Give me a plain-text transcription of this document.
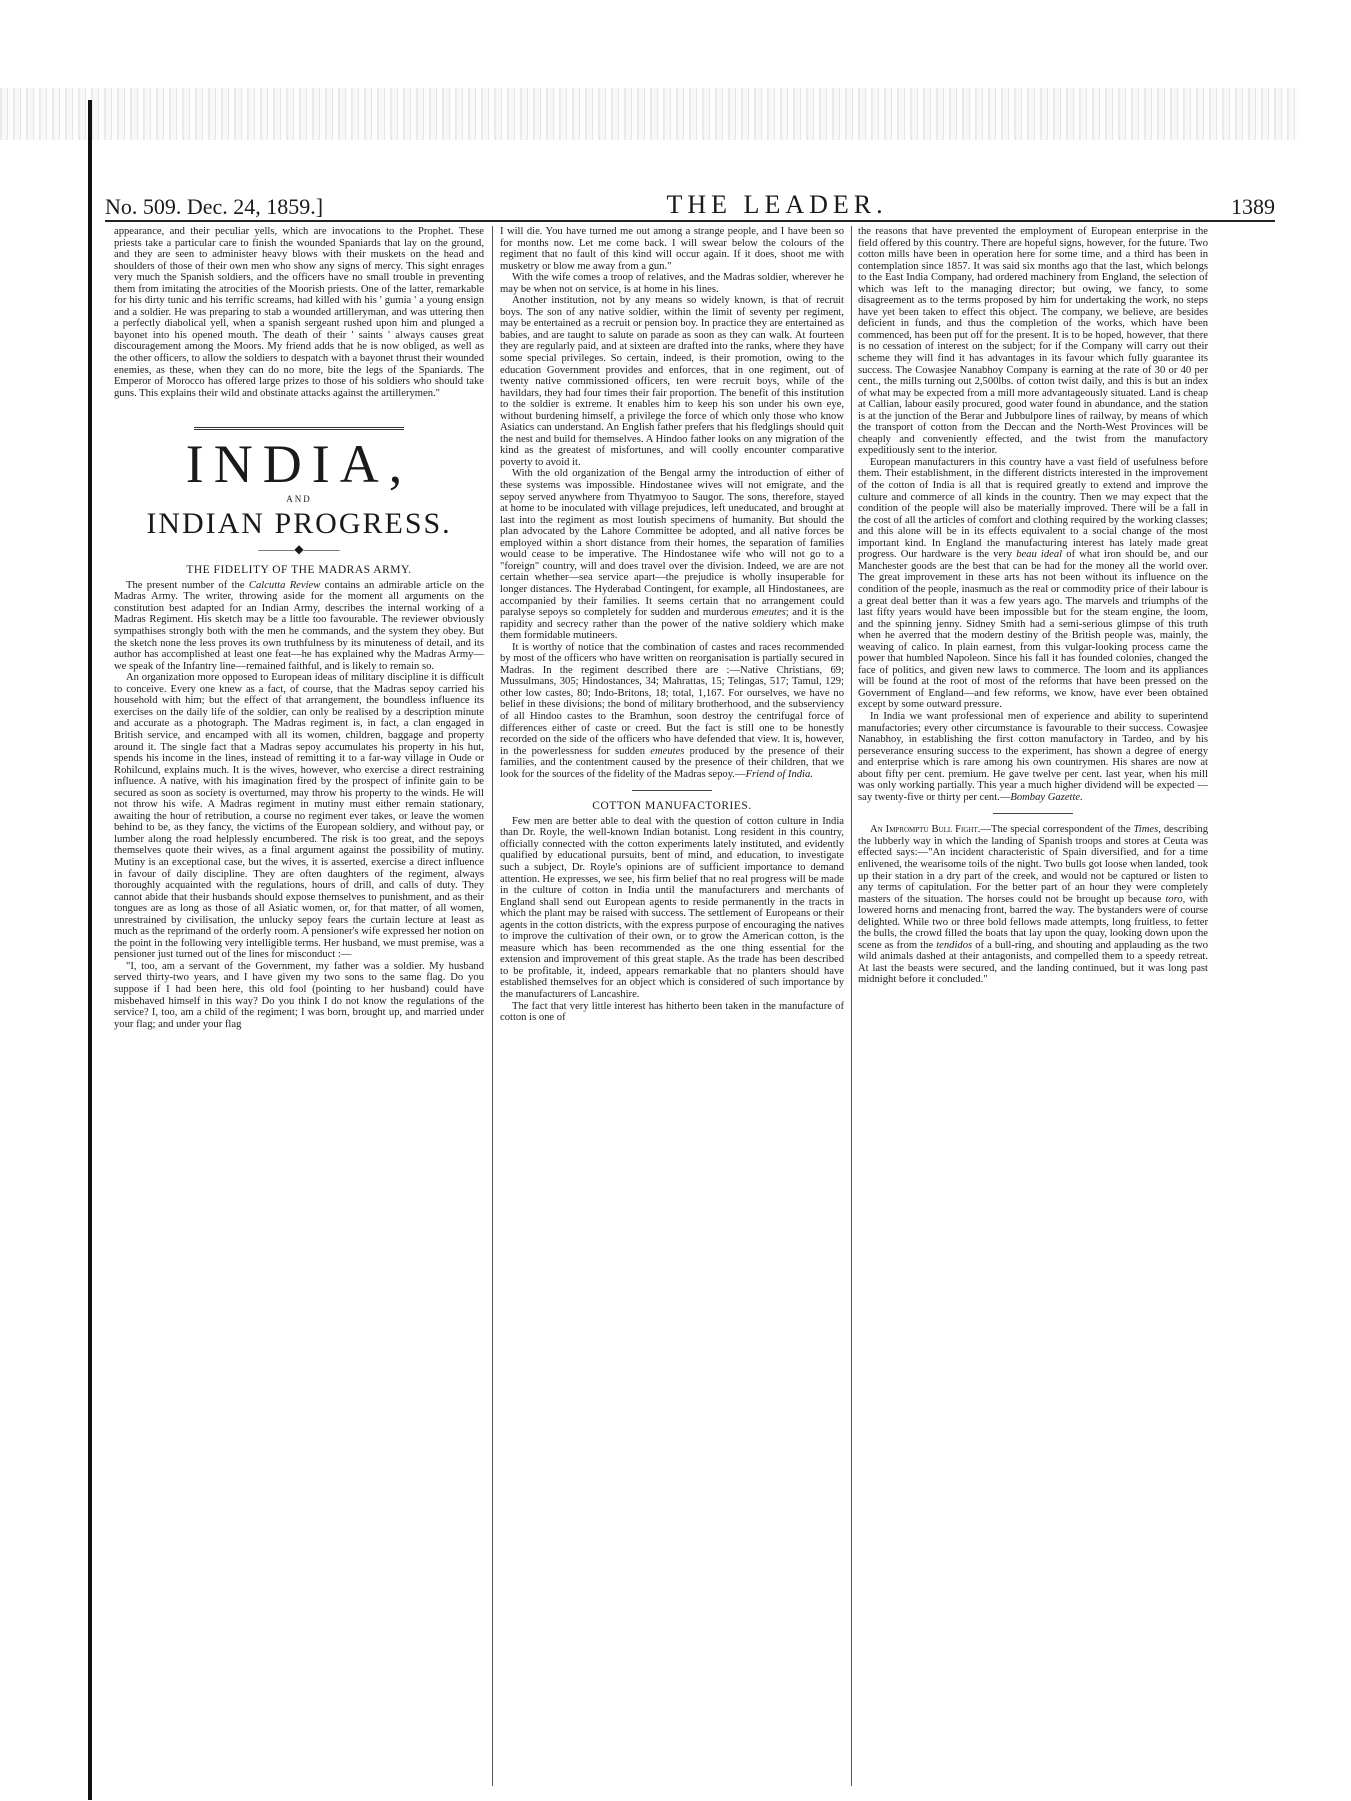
No. 509. Dec. 24, 1859.]	THE LEADER.	1389

appearance, and their peculiar yells, which are invocations to the Prophet. These priests take a particular care to finish the wounded Spaniards that lay on the ground, and they are seen to administer heavy blows with their muskets on the head and shoulders of those of their own men who show any signs of mercy. This sight enrages very much the Spanish soldiers, and the officers have no small trouble in preventing them from imitating the atrocities of the Moorish priests. One of the latter, remarkable for his dirty tunic and his terrific screams, had killed with his ' gumia ' a young ensign and a soldier. He was preparing to stab a wounded artilleryman, and was uttering then a perfectly diabolical yell, when a spanish sergeant rushed upon him and plunged a bayonet into his opened mouth. The death of their ' saints ' always causes great discouragement among the Moors. My friend adds that he is now obliged, as well as the other officers, to allow the soldiers to despatch with a bayonet thrust their wounded enemies, as these, when they can do no more, bite the legs of the Spaniards. The Emperor of Morocco has offered large prizes to those of his soldiers who should take guns. This explains their wild and obstinate attacks against the artillerymen."

INDIA,
AND
INDIAN PROGRESS.
———◆———
THE FIDELITY OF THE MADRAS ARMY.

The present number of the Calcutta Review contains an admirable article on the Madras Army. The writer, throwing aside for the moment all arguments on the constitution best adapted for an Indian Army, describes the internal working of a Madras Regiment. His sketch may be a little too favourable. The reviewer obviously sympathises strongly both with the men he commands, and the system they obey. But the sketch none the less proves its own truthfulness by its minuteness of detail, and its author has accomplished at least one feat—he has explained why the Madras Army—we speak of the Infantry line—remained faithful, and is likely to remain so.

An organization more opposed to European ideas of military discipline it is difficult to conceive. Every one knew as a fact, of course, that the Madras sepoy carried his household with him; but the effect of that arrangement, the boundless influence its exercises on the daily life of the soldier, can only be realised by a description minute and accurate as a photograph. The Madras regiment is, in fact, a clan engaged in British service, and encamped with all its women, children, baggage and property around it. The single fact that a Madras sepoy accumulates his property in his hut, spends his income in the lines, instead of remitting it to a far-way village in Oude or Rohilcund, explains much. It is the wives, however, who exercise a direct restraining influence. A native, with his imagination fired by the prospect of infinite gain to be secured as soon as society is overturned, may throw his property to the winds. He will not throw his wife. A Madras regiment in mutiny must either remain stationary, awaiting the hour of retribution, a course no regiment ever takes, or leave the women behind to be, as they fancy, the victims of the European soldiery, and without pay, or lumber along the road helplessly encumbered. The risk is too great, and the sepoys themselves quote their wives, as a final argument against the possibility of mutiny. Mutiny is an exceptional case, but the wives, it is asserted, exercise a direct influence in favour of daily discipline. They are often daughters of the regiment, always thoroughly acquainted with the regulations, hours of drill, and calls of duty. They cannot abide that their husbands should expose themselves to punishment, and as their tongues are as long as those of all Asiatic women, or, for that matter, of all women, unrestrained by civilisation, the unlucky sepoy fears the curtain lecture at least as much as the reprimand of the orderly room. A pensioner's wife expressed her notion on the point in the following very intelligible terms. Her husband, we must premise, was a pensioner just turned out of the lines for misconduct :—

"I, too, am a servant of the Government, my father was a soldier. My husband served thirty-two years, and I have given my two sons to the same flag. Do you suppose if I had been here, this old fool (pointing to her husband) could have misbehaved himself in this way? Do you think I do not know the regulations of the service? I, too, am a child of the regiment; I was born, brought up, and married under your flag; and under your flag

I will die. You have turned me out among a strange people, and I have been so for months now. Let me come back. I will swear below the colours of the regiment that no fault of this kind will occur again. If it does, shoot me with musketry or blow me away from a gun."

With the wife comes a troop of relatives, and the Madras soldier, wherever he may be when not on service, is at home in his lines.

Another institution, not by any means so widely known, is that of recruit boys. The son of any native soldier, within the limit of seventy per regiment, may be entertained as a recruit or pension boy. In practice they are entertained as babies, and are taught to salute on parade as soon as they can walk. At fourteen they are regularly paid, and at sixteen are drafted into the ranks, where they have some special privileges. So certain, indeed, is their promotion, owing to the education Government provides and enforces, that in one regiment, out of twenty native commissioned officers, ten were recruit boys, while of the havildars, they had four times their fair proportion. The benefit of this institution to the soldier is extreme. It enables him to keep his son under his own eye, without burdening himself, a privilege the force of which only those who know Asiatics can understand. An English father prefers that his fledglings should quit the nest and build for themselves. A Hindoo father looks on any migration of the kind as the greatest of misfortunes, and will coolly encounter comparative poverty to avoid it.

With the old organization of the Bengal army the introduction of either of these systems was impossible. Hindostanee wives will not emigrate, and the sepoy served anywhere from Thyatmyoo to Saugor. The sons, therefore, stayed at home to be inoculated with village prejudices, left uneducated, and brought at last into the regiment as most loutish specimens of humanity. But should the plan advocated by the Lahore Committee be adopted, and all native forces be employed within a short distance from their homes, the separation of families would cease to be imperative. The Hindostanee wife who will not go to a "foreign" country, will and does travel over the division. Indeed, we are are not certain whether—sea service apart—the prejudice is wholly insuperable for longer distances. The Hyderabad Contingent, for example, all Hindostanees, are accompanied by their families. It seems certain that no arrangement could paralyse sepoys so completely for sudden and murderous emeutes; and it is the rapidity and secrecy rather than the power of the native soldiery which make them formidable mutineers.

It is worthy of notice that the combination of castes and races recommended by most of the officers who have written on reorganisation is partially secured in Madras. In the regiment described there are :—Native Christians, 69; Mussulmans, 305; Hindostances, 34; Mahrattas, 15; Telingas, 517; Tamul, 129; other low castes, 80; Indo-Britons, 18; total, 1,167. For ourselves, we have no belief in these divisions; the bond of military brotherhood, and the subserviency of all Hindoo castes to the Bramhun, soon destroy the centrifugal force of differences either of caste or creed. But the fact is still one to be honestly recorded on the side of the officers who have defended that view. It is, however, in the powerlessness for sudden emeutes produced by the presence of their families, and the contentment caused by the presence of their children, that we look for the sources of the fidelity of the Madras sepoy.—Friend of India.

COTTON MANUFACTORIES.

Few men are better able to deal with the question of cotton culture in India than Dr. Royle, the well-known Indian botanist. Long resident in this country, officially connected with the cotton experiments lately instituted, and evidently qualified by educational pursuits, bent of mind, and education, to investigate such a subject, Dr. Royle's opinions are of sufficient importance to demand attention. He expresses, we see, his firm belief that no real progress will be made in the culture of cotton in India until the manufacturers and merchants of England shall send out European agents to reside permanently in the tracts in which the plant may be raised with success. The settlement of Europeans or their agents in the cotton districts, with the express purpose of encouraging the natives to improve the cultivation of their own, or to grow the American cotton, is the measure which has been recommended as the one thing essential for the extension and improvement of this great staple. As the trade has been described to be profitable, it, indeed, appears remarkable that no planters should have established themselves for an object which is considered of such importance by the manufacturers of Lancashire.

The fact that very little interest has hitherto been taken in the manufacture of cotton is one of

the reasons that have prevented the employment of European enterprise in the field offered by this country. There are hopeful signs, however, for the future. Two cotton mills have been in operation here for some time, and a third has been in contemplation since 1857. It was said six months ago that the last, which belongs to the East India Company, had ordered machinery from England, the selection of which was left to the managing director; but owing, we fancy, to some disagreement as to the terms proposed by him for undertaking the work, no steps have yet been taken to effect this object. The company, we believe, are besides deficient in funds, and thus the completion of the works, which have been commenced, has been put off for the present. It is to be hoped, however, that there is no cessation of interest on the subject; for if the Company will carry out their scheme they will find it has advantages in its favour which fully guarantee its success. The Cowasjee Nanabhoy Company is earning at the rate of 30 or 40 per cent., the mills turning out 2,500lbs. of cotton twist daily, and this is but an index of what may be expected from a mill more advantageously situated. Land is cheap at Callian, labour easily procured, good water found in abundance, and the station is at the junction of the Berar and Jubbulpore lines of railway, by means of which the transport of cotton from the Deccan and the North-West Provinces will be cheaply and conveniently effected, and the twist from the manufactory expeditiously sent to the interior.

European manufacturers in this country have a vast field of usefulness before them. Their establishment, in the different districts interested in the improvement of the cotton of India is all that is required greatly to extend and improve the culture and commerce of all kinds in the country. Then we may expect that the condition of the people will also be materially improved. There will be a fall in the cost of all the articles of comfort and clothing required by the working classes; and this alone will be in its effects equivalent to a social change of the most important kind. In England the manufacturing interest has lately made great progress. Our hardware is the very beau ideal of what iron should be, and our Manchester goods are the best that can be had for the money all the world over. The great improvement in these arts has not been without its influence on the condition of the people, inasmuch as the real or commodity price of their labour is a great deal better than it was a few years ago. The marvels and triumphs of the last fifty years would have been impossible but for the steam engine, the loom, and the spinning jenny. Sidney Smith had a semi-serious glimpse of this truth when he averred that the modern destiny of the British people was, mainly, the weaving of calico. In plain earnest, from this vulgar-looking process came the power that humbled Napoleon. Since his fall it has founded colonies, changed the face of politics, and given new laws to commerce. The loom and its appliances will be found at the root of most of the reforms that have been pressed on the Government of England—and few reforms, we know, have ever been obtained except by some outward pressure.

In India we want professional men of experience and ability to superintend manufactories; every other circumstance is favourable to their success. Cowasjee Nanabhoy, in establishing the first cotton manufactory in Tardeo, and by his perseverance ensuring success to the experiment, has shown a degree of energy and enterprise which is rare among his own countrymen. His shares are now at about fifty per cent. premium. He gave twelve per cent. last year, when his mill was only working partially. This year a much higher dividend will be expected —say twenty-five or thirty per cent.—Bombay Gazette.

An Impromptu Bull Fight.—The special correspondent of the Times, describing the lubberly way in which the landing of Spanish troops and stores at Ceuta was effected says:—"An incident characteristic of Spain diversified, and for a time enlivened, the wearisome toils of the night. Two bulls got loose when landed, took up their station in a dry part of the creek, and would not be captured or listen to any terms of capitulation. For the better part of an hour they were completely masters of the situation. The horses could not be brought up because toro, with lowered horns and menacing front, barred the way. The bystanders were of course delighted. While two or three bold fellows made attempts, long fruitless, to fetter the bulls, the crowd filled the boats that lay upon the quay, looking down upon the scene as from the tendidos of a bull-ring, and shouting and applauding as the two wild animals dashed at their antagonists, and compelled them to a speedy retreat. At last the beasts were secured, and the landing continued, but it was long past midnight before it concluded."
